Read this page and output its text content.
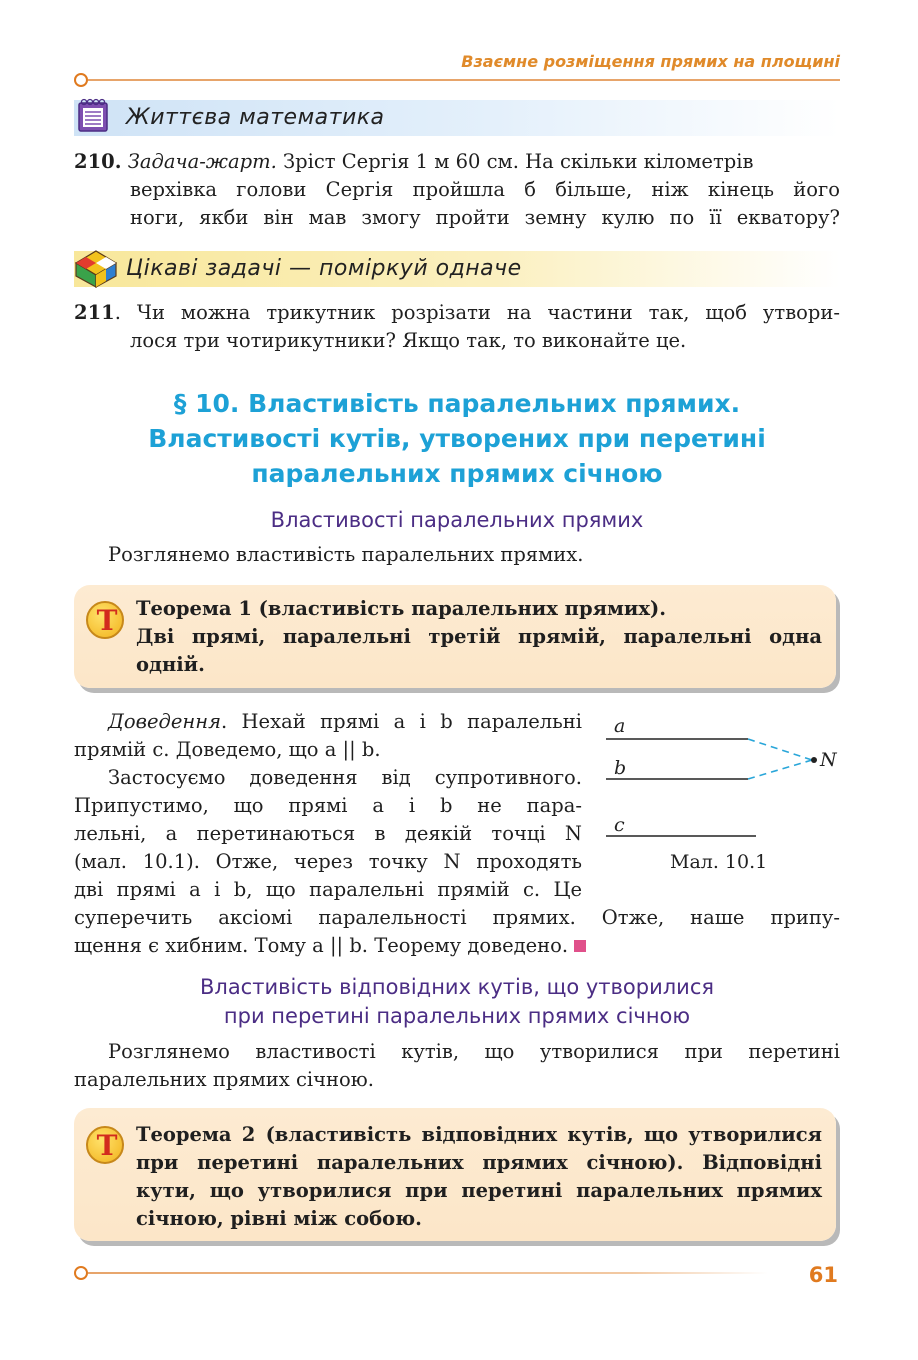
Взаємне розміщення прямих на площині
Життєва математика
210. Задача-жарт. Зріст Сергія 1 м 60 см. На скільки кілометрів
верхівка голови Сергія пройшла б більше, ніж кінець його
ноги, якби він мав змогу пройти земну кулю по її екватору?
Цікаві задачі — поміркуй одначе
211. Чи можна трикутник розрізати на частини так, щоб утвори-
лося три чотирикутники? Якщо так, то виконайте це.
§ 10. Властивість паралельних прямих.
Властивості кутів, утворених при перетині
паралельних прямих січною
Властивості паралельних прямих
Розглянемо властивість паралельних прямих.
T Теорема 1 (властивість паралельних прямих).
Дві прямі, паралельні третій прямій, паралельні одна
одній.
Доведення. Нехай прямі a і b паралельні
прямій c. Доведемо, що a || b.
Застосуємо доведення від супротивного.
Припустимо, що прямі a і b не пара-
лельні, а перетинаються в деякій точці N
(мал. 10.1). Отже, через точку N проходять
дві прямі a і b, що паралельні прямій c. Це
суперечить аксіомі паралельності прямих. Отже, наше припу-
щення є хибним. Тому a || b. Теорему доведено.
a
b
c
N
Мал. 10.1
Властивість відповідних кутів, що утворилися
при перетині паралельних прямих січною
Розглянемо властивості кутів, що утворилися при перетині
паралельних прямих січною.
T Теорема 2 (властивість відповідних кутів, що утворилися
при перетині паралельних прямих січною). Відповідні
кути, що утворилися при перетині паралельних прямих
січною, рівні між собою.
61
